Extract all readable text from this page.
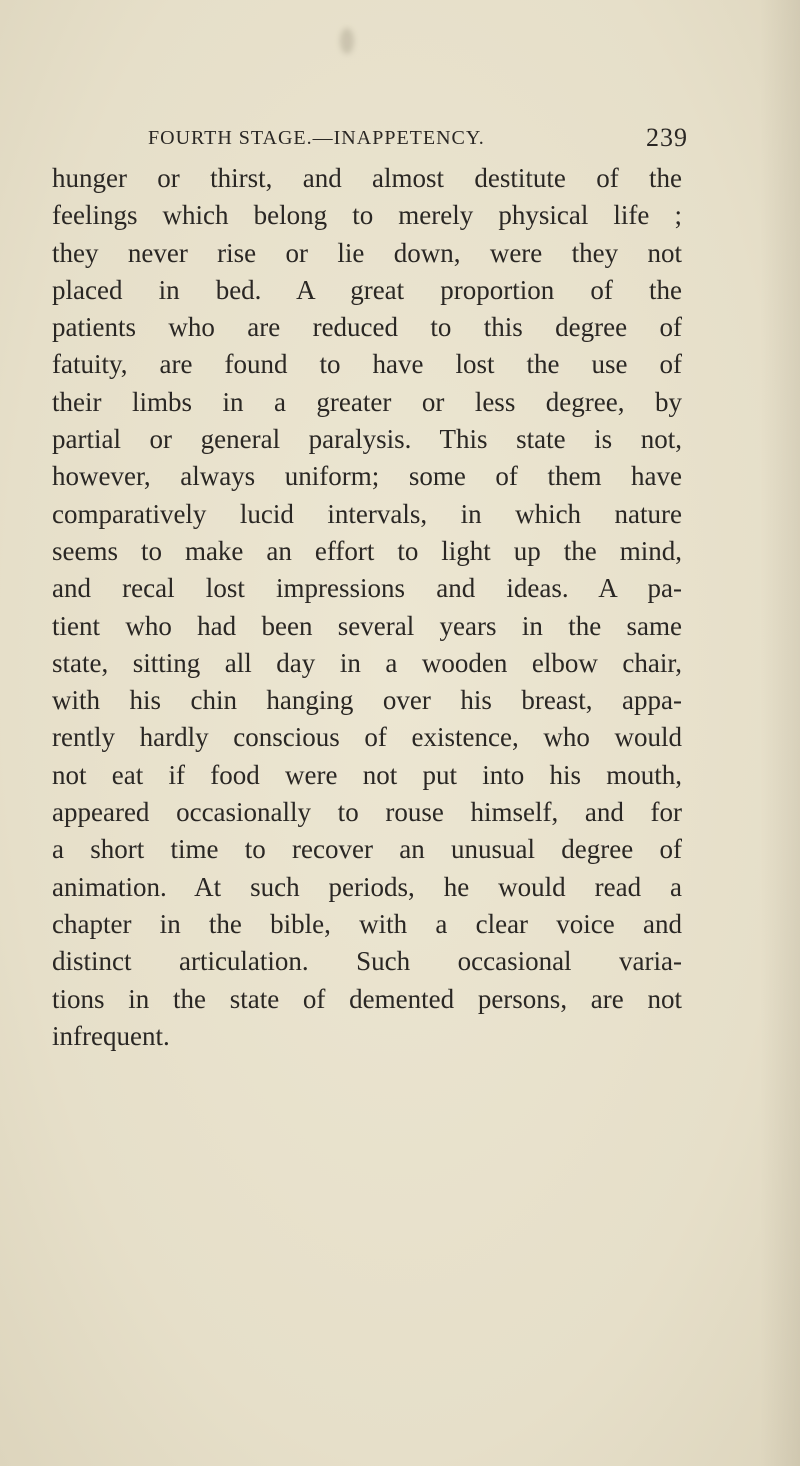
FOURTH STAGE.—INAPPETENCY.	239
hunger or thirst, and almost destitute of the
feelings which belong to merely physical life ;
they never rise or lie down, were they not
placed in bed. A great proportion of the
patients who are reduced to this degree of
fatuity, are found to have lost the use of
their limbs in a greater or less degree, by
partial or general paralysis. This state is not,
however, always uniform; some of them have
comparatively lucid intervals, in which nature
seems to make an effort to light up the mind,
and recal lost impressions and ideas. A pa-
tient who had been several years in the same
state, sitting all day in a wooden elbow chair,
with his chin hanging over his breast, appa-
rently hardly conscious of existence, who would
not eat if food were not put into his mouth,
appeared occasionally to rouse himself, and for
a short time to recover an unusual degree of
animation. At such periods, he would read a
chapter in the bible, with a clear voice and
distinct articulation. Such occasional varia-
tions in the state of demented persons, are not
infrequent.
